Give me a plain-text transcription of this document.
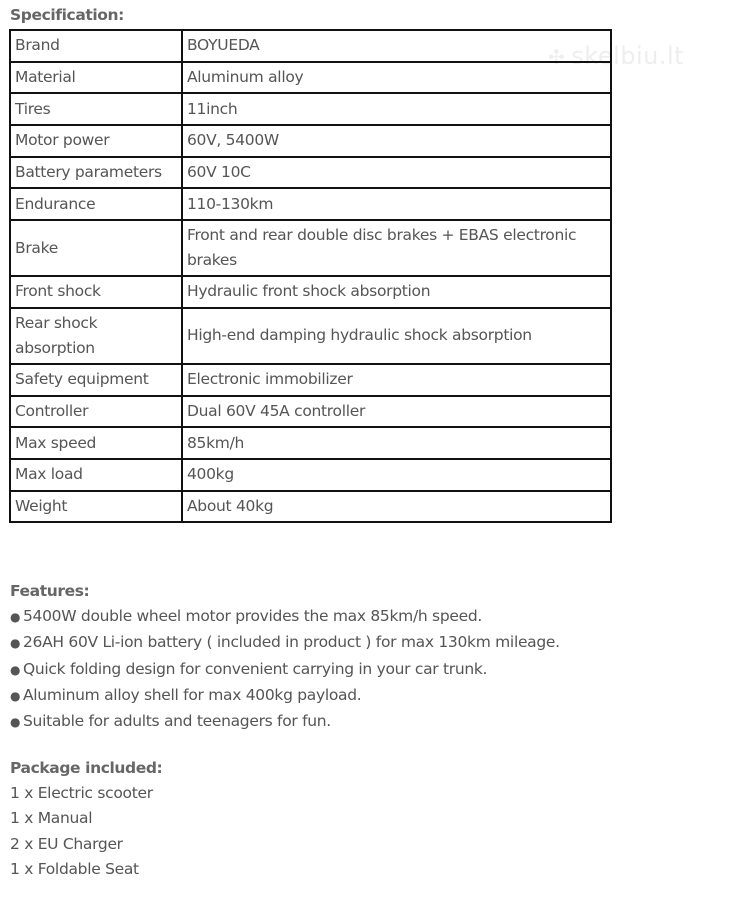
✣ skelbiu.lt
Specification:
Brand	BOYUEDA
Material	Aluminum alloy
Tires	11inch
Motor power	60V, 5400W
Battery parameters	60V 10C
Endurance	110-130km
Brake	Front and rear double disc brakes + EBAS electronic brakes
Front shock	Hydraulic front shock absorption
Rear shock absorption	High-end damping hydraulic shock absorption
Safety equipment	Electronic immobilizer
Controller	Dual 60V 45A controller
Max speed	85km/h
Max load	400kg
Weight	About 40kg
Features:
● 5400W double wheel motor provides the max 85km/h speed.
● 26AH 60V Li-ion battery ( included in product ) for max 130km mileage.
● Quick folding design for convenient carrying in your car trunk.
● Aluminum alloy shell for max 400kg payload.
● Suitable for adults and teenagers for fun.
Package included:
1 x Electric scooter
1 x Manual
2 x EU Charger
1 x Foldable Seat
